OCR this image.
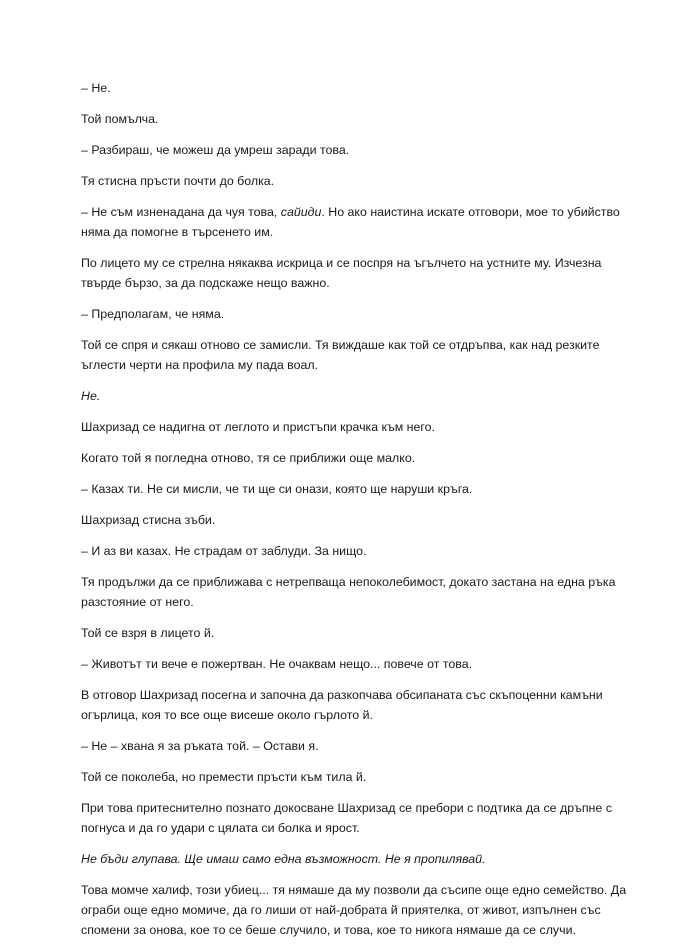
– Не.

Той помълча.

– Разбираш, че можеш да умреш заради това.

Тя стисна пръсти почти до болка.

– Не съм изненадана да чуя това, сайиди. Но ако наистина искате отговори, мое то убийство няма да помогне в търсенето им.

По лицето му се стрелна някаква искрица и се поспря на ъгълчето на устните му. Изчезна твърде бързо, за да подскаже нещо важно.

– Предполагам, че няма.

Той се спря и сякаш отново се замисли. Тя виждаше как той се отдръпва, как над резките ъглести черти на профила му пада воал.

Не.

Шахризад се надигна от леглото и пристъпи крачка към него.

Когато той я погледна отново, тя се приближи още малко.

– Казах ти. Не си мисли, че ти ще си онази, която ще наруши кръга.

Шахризад стисна зъби.

– И аз ви казах. Не страдам от заблуди. За нищо.

Тя продължи да се приближава с нетрепваща непоколебимост, докато застана на една ръка разстояние от него.

Той се взря в лицето й.

– Животът ти вече е пожертван. Не очаквам нещо... повече от това.

В отговор Шахризад посегна и започна да разкопчава обсипаната със скъпоценни камъни огърлица, коя то все още висеше около гърлото й.

– Не – хвана я за ръката той. – Остави я.

Той се поколеба, но премести пръсти към тила й.

При това притеснително познато докосване Шахризад се пребори с подтика да се дръпне с погнуса и да го удари с цялата си болка и ярост.

Не бъди глупава. Ще имаш само една възможност. Не я пропилявай.

Това момче халиф, този убиец... тя нямаше да му позволи да съсипе още едно семейство. Да ограби още едно момиче, да го лиши от най-добрата й приятелка, от живот, изпълнен със спомени за онова, кое то се беше случило, и това, кое то никога нямаше да се случи.
